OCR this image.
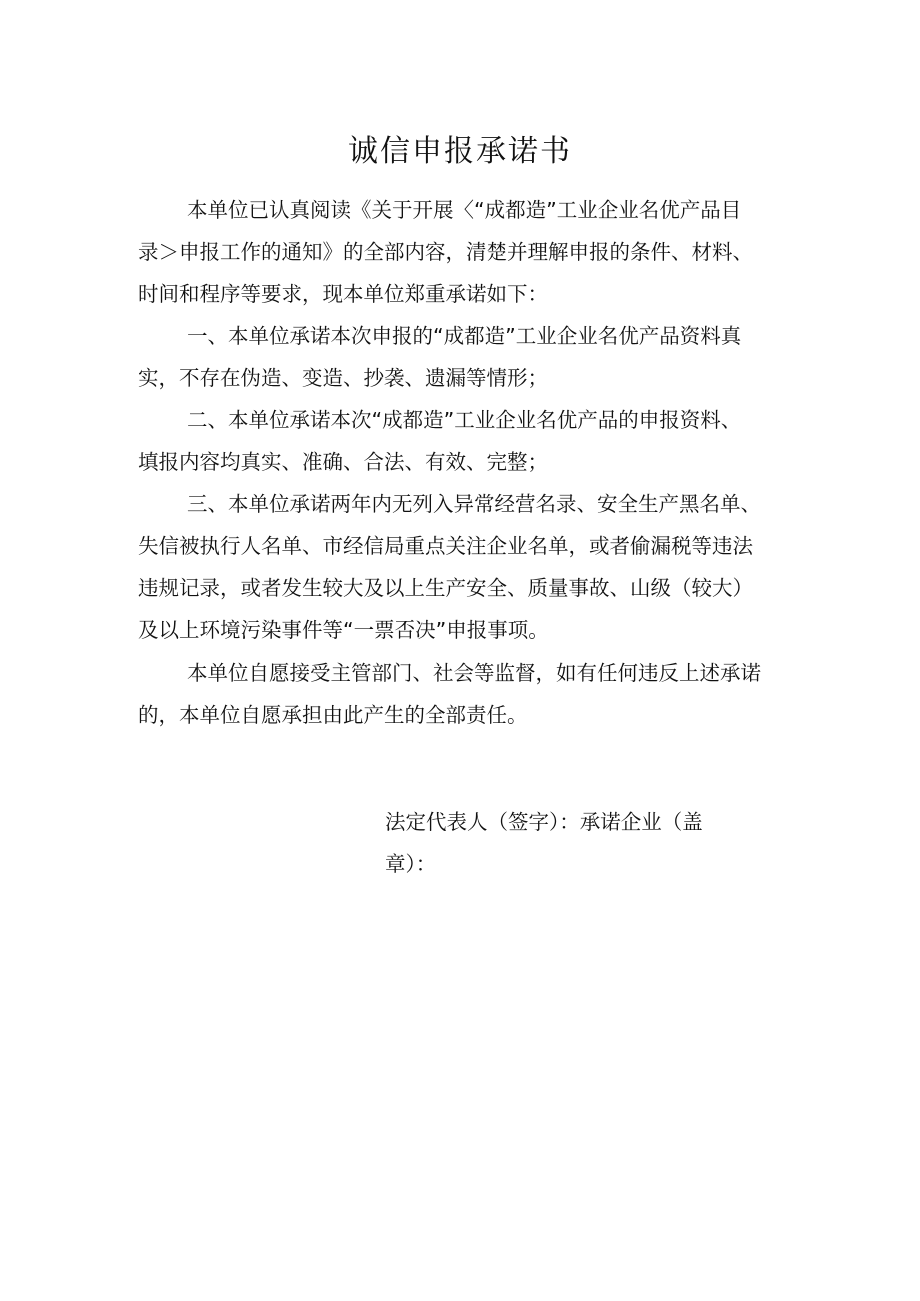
诚信申报承诺书

本单位已认真阅读《关于开展〈“成都造”工业企业名优产品目

录＞申报工作的通知》的全部内容，清楚并理解申报的条件、材料、

时间和程序等要求，现本单位郑重承诺如下：

一、本单位承诺本次申报的“成都造”工业企业名优产品资料真

实，不存在伪造、变造、抄袭、遗漏等情形；

二、本单位承诺本次“成都造”工业企业名优产品的申报资料、

填报内容均真实、准确、合法、有效、完整；

三、本单位承诺两年内无列入异常经营名录、安全生产黑名单、

失信被执行人名单、市经信局重点关注企业名单，或者偷漏税等违法

违规记录，或者发生较大及以上生产安全、质量事故、山级（较大）

及以上环境污染事件等“一票否决”申报事项。

本单位自愿接受主管部门、社会等监督，如有任何违反上述承诺

的，本单位自愿承担由此产生的全部责任。

法定代表人（签字）：承诺企业（盖

章）：
